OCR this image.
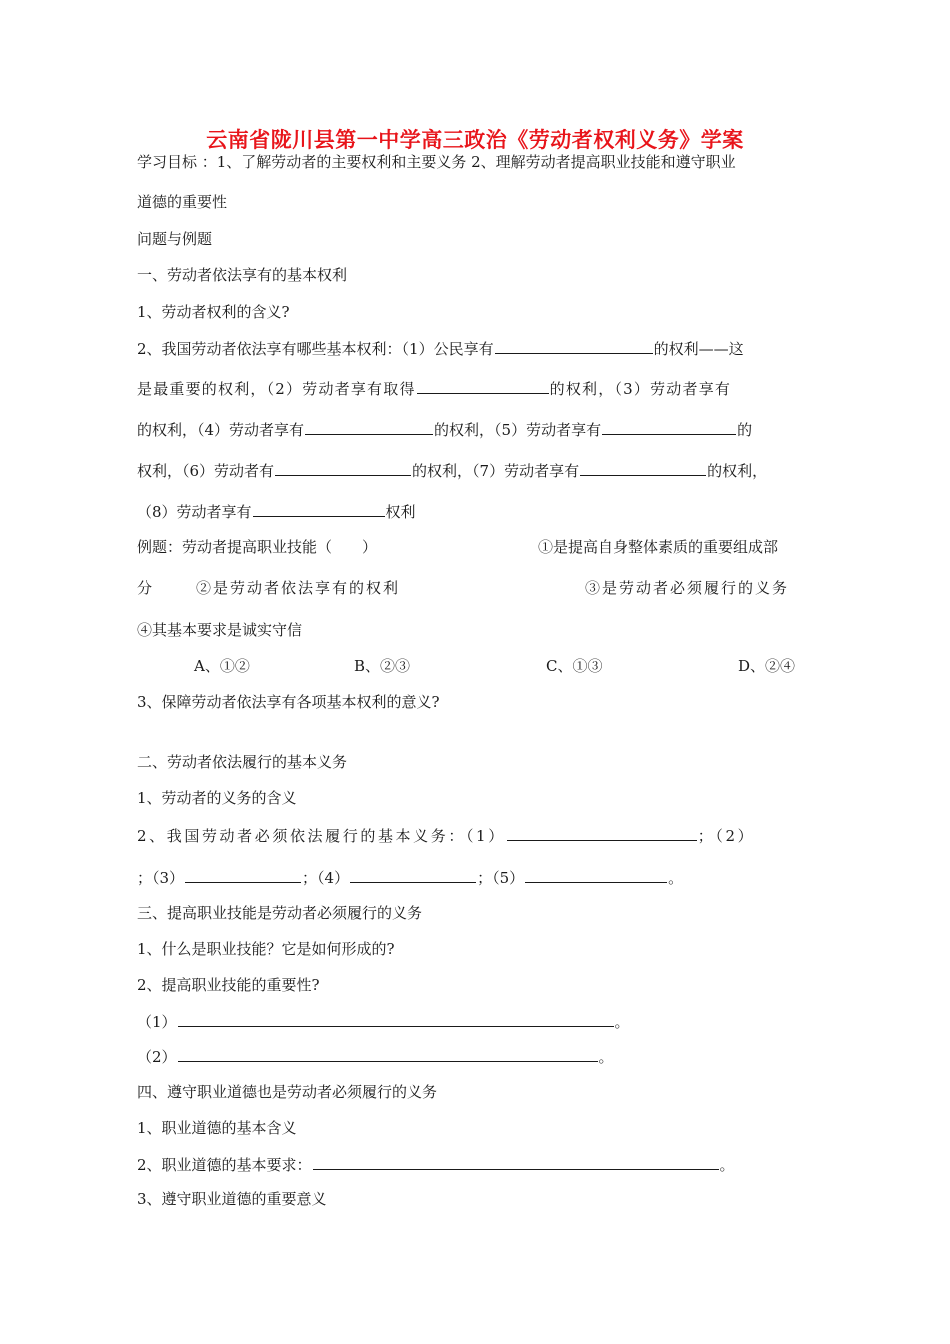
云南省陇川县第一中学高三政治《劳动者权利义务》学案
学习目标 ：1、了解劳动者的主要权利和主要义务 2、理解劳动者提高职业技能和遵守职业
道德的重要性
问题与例题
一、劳动者依法享有的基本权利
1、劳动者权利的含义?
2、我国劳动者依法享有哪些基本权利：（1）公民享有	的权利——这
是最重要的权利，（2）劳动者享有取得	的权利，（3）劳动者享有
的权利，（4）劳动者享有	的权利，（5）劳动者享有	的
权利，（6）劳动者有	的权利，（7）劳动者享有	的权利，
（8）劳动者享有	权利
例题：劳动者提高职业技能（　　）	①是提高自身整体素质的重要组成部
分	②是劳动者依法享有的权利	③是劳动者必须履行的义务
④其基本要求是诚实守信
A、①②	B、②③	C、①③	D、②④
3、保障劳动者依法享有各项基本权利的意义?
二、劳动者依法履行的基本义务
1、劳动者的义务的含义
2、我国劳动者必须依法履行的基本义务：（1）	；（2）
；（3）	；（4）	；（5）	。
三、提高职业技能是劳动者必须履行的义务
1、什么是职业技能？它是如何形成的?
2、提高职业技能的重要性?
（1）	。
（2）	。
四、遵守职业道德也是劳动者必须履行的义务
1、职业道德的基本含义
2、职业道德的基本要求：	。
3、遵守职业道德的重要意义
